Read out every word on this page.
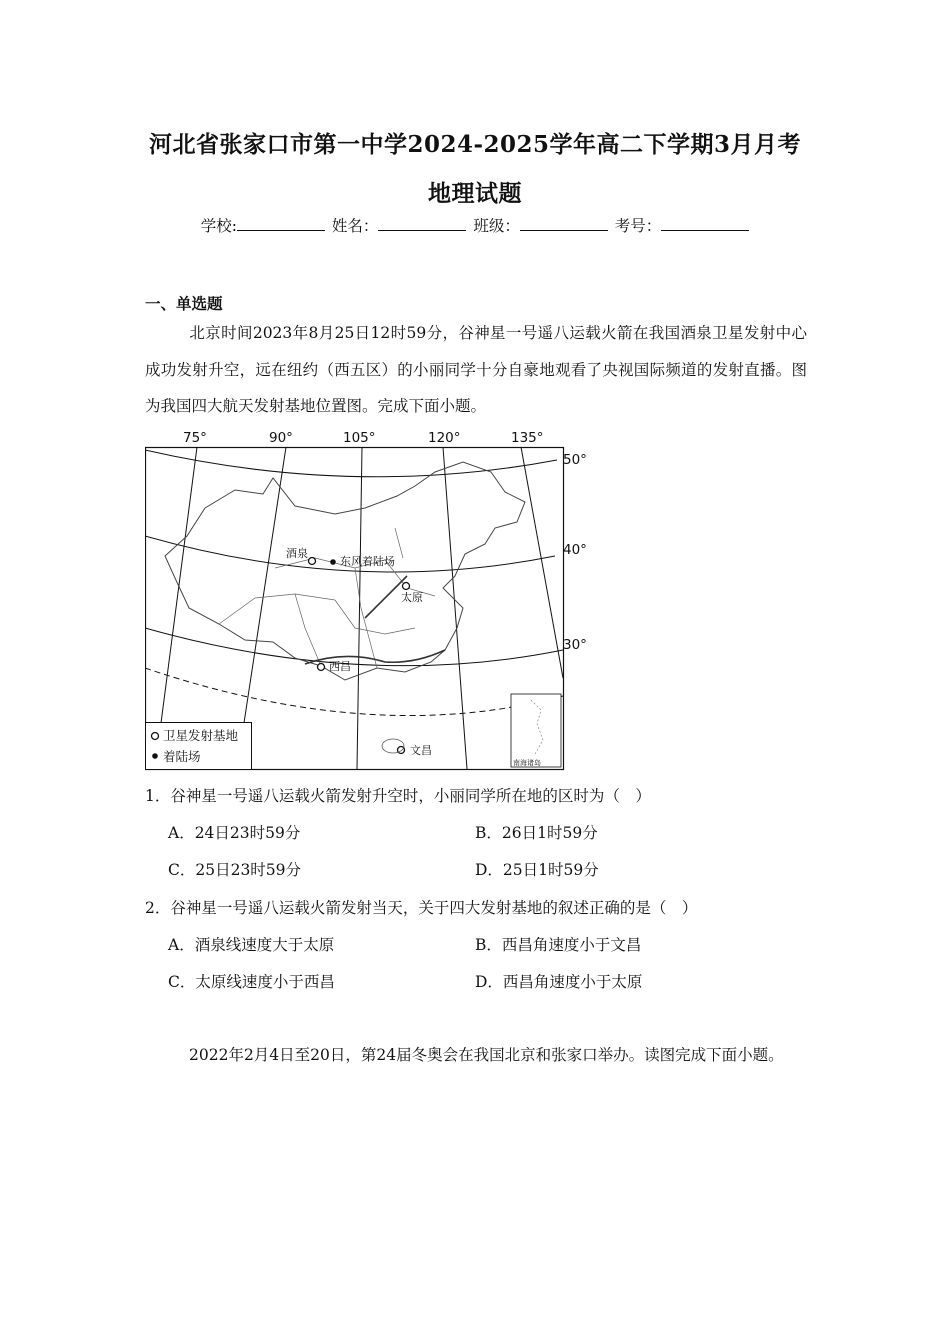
河北省张家口市第一中学2024-2025学年高二下学期3月月考
地理试题
学校:	姓名：	班级：	考号：
一、单选题
北京时间2023年8月25日12时59分，谷神星一号遥八运载火箭在我国酒泉卫星发射中心成功发射升空，远在纽约（西五区）的小丽同学十分自豪地观看了央视国际频道的发射直播。图为我国四大航天发射基地位置图。完成下面小题。
75°	90°	105°	120°	135°
50°
40°
30°
酒泉
东风着陆场
太原
西昌
文昌
南海诸岛
卫星发射基地
着陆场
1．谷神星一号遥八运载火箭发射升空时，小丽同学所在地的区时为（　）
A．24日23时59分	B．26日1时59分
C．25日23时59分	D．25日1时59分
2．谷神星一号遥八运载火箭发射当天，关于四大发射基地的叙述正确的是（　）
A．酒泉线速度大于太原	B．西昌角速度小于文昌
C．太原线速度小于西昌	D．西昌角速度小于太原
2022年2月4日至20日，第24届冬奥会在我国北京和张家口举办。读图完成下面小题。
